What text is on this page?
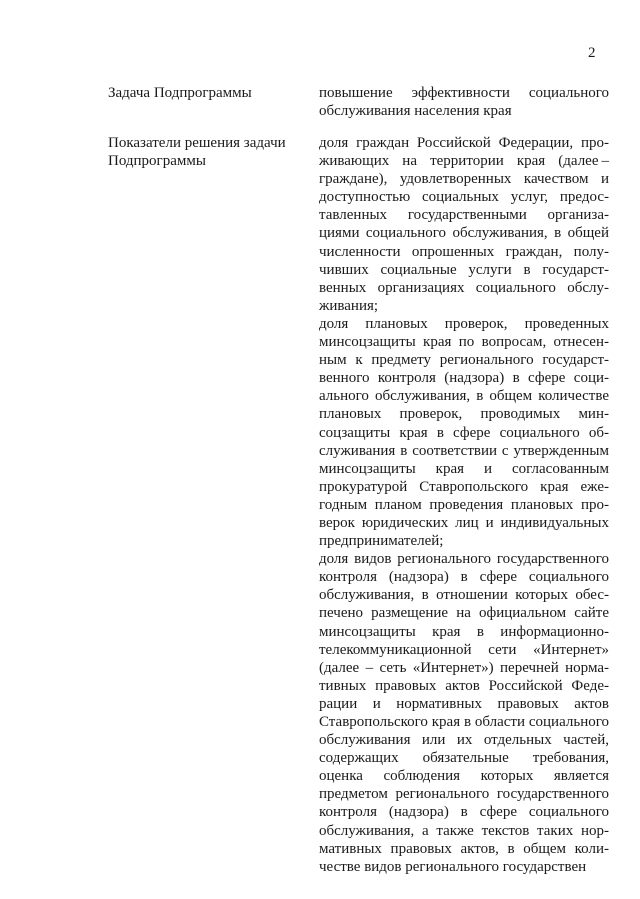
2
Задача Подпрограммы	повышение эффективности социального обслуживания населения края

Показатели решения задачи Подпрограммы

доля граждан Российской Федерации, проживающих на территории края (далее – граждане), удовлетворенных качеством и доступностью социальных услуг, предоставленных государственными организациями социального обслуживания, в общей численности опрошенных граждан, получивших социальные услуги в государственных организациях социального обслуживания;

доля плановых проверок, проведенных минсоцзащиты края по вопросам, отнесенным к предмету регионального государственного контроля (надзора) в сфере социального обслуживания, в общем количестве плановых проверок, проводимых минсоцзащиты края в сфере социального обслуживания в соответствии с утвержденным минсоцзащиты края и согласованным прокуратурой Ставропольского края ежегодным планом проведения плановых проверок юридических лиц и индивидуальных предпринимателей;

доля видов регионального государственного контроля (надзора) в сфере социального обслуживания, в отношении которых обеспечено размещение на официальном сайте минсоцзащиты края в информационно-телекоммуникационной сети «Интернет» (далее – сеть «Интернет») перечней нормативных правовых актов Российской Федерации и нормативных правовых актов Ставропольского края в области социального обслуживания или их отдельных частей, содержащих обязательные требования, оценка соблюдения которых является предметом регионального государственного контроля (надзора) в сфере социального обслуживания, а также текстов таких нормативных правовых актов, в общем количестве видов регионального государствен
